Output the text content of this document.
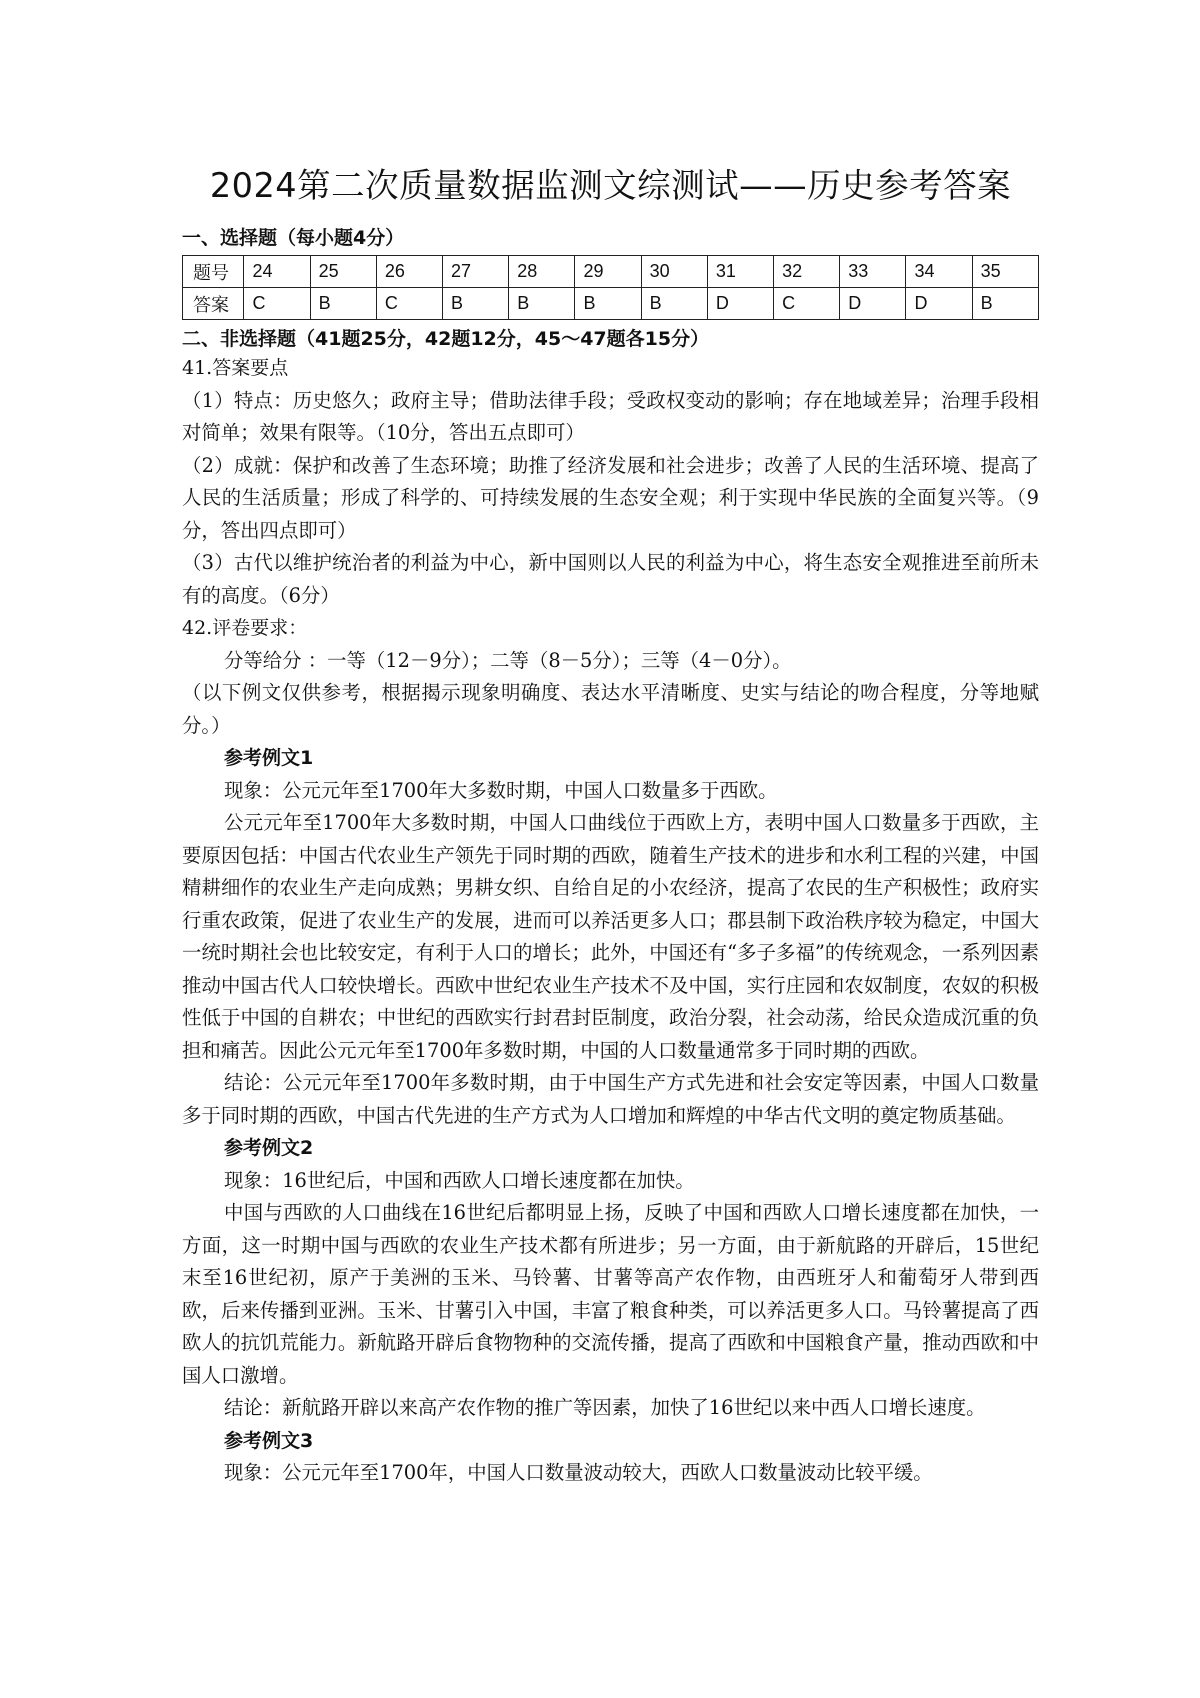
2024第二次质量数据监测文综测试——历史参考答案
一、选择题（每小题4分）
题号	24	25	26	27	28	29	30	31	32	33	34	35
答案	C	B	C	B	B	B	B	D	C	D	D	B
二、非选择题（41题25分，42题12分，45～47题各15分）
41.答案要点

（1）特点：历史悠久；政府主导；借助法律手段；受政权变动的影响；存在地域差异；治理手段相对简单；效果有限等。（10分，答出五点即可）

（2）成就：保护和改善了生态环境；助推了经济发展和社会进步；改善了人民的生活环境、提高了人民的生活质量；形成了科学的、可持续发展的生态安全观；利于实现中华民族的全面复兴等。（9分，答出四点即可）

（3）古代以维护统治者的利益为中心，新中国则以人民的利益为中心，将生态安全观推进至前所未有的高度。（6分）

42.评卷要求：

分等给分 ：一等（12－9分）；二等（8－5分）；三等（4－0分）。

（以下例文仅供参考，根据揭示现象明确度、表达水平清晰度、史实与结论的吻合程度，分等地赋分。）

参考例文1

现象：公元元年至1700年大多数时期，中国人口数量多于西欧。

公元元年至1700年大多数时期，中国人口曲线位于西欧上方，表明中国人口数量多于西欧，主要原因包括：中国古代农业生产领先于同时期的西欧，随着生产技术的进步和水利工程的兴建，中国精耕细作的农业生产走向成熟；男耕女织、自给自足的小农经济，提高了农民的生产积极性；政府实行重农政策，促进了农业生产的发展，进而可以养活更多人口；郡县制下政治秩序较为稳定，中国大一统时期社会也比较安定，有利于人口的增长；此外，中国还有“多子多福”的传统观念，一系列因素推动中国古代人口较快增长。西欧中世纪农业生产技术不及中国，实行庄园和农奴制度，农奴的积极性低于中国的自耕农；中世纪的西欧实行封君封臣制度，政治分裂，社会动荡，给民众造成沉重的负担和痛苦。因此公元元年至1700年多数时期，中国的人口数量通常多于同时期的西欧。

结论：公元元年至1700年多数时期，由于中国生产方式先进和社会安定等因素，中国人口数量多于同时期的西欧，中国古代先进的生产方式为人口增加和辉煌的中华古代文明的奠定物质基础。

参考例文2

现象：16世纪后，中国和西欧人口增长速度都在加快。

中国与西欧的人口曲线在16世纪后都明显上扬，反映了中国和西欧人口增长速度都在加快，一方面，这一时期中国与西欧的农业生产技术都有所进步；另一方面，由于新航路的开辟后，15世纪末至16世纪初，原产于美洲的玉米、马铃薯、甘薯等高产农作物，由西班牙人和葡萄牙人带到西欧，后来传播到亚洲。玉米、甘薯引入中国，丰富了粮食种类，可以养活更多人口。马铃薯提高了西欧人的抗饥荒能力。新航路开辟后食物物种的交流传播，提高了西欧和中国粮食产量，推动西欧和中国人口激增。

结论：新航路开辟以来高产农作物的推广等因素，加快了16世纪以来中西人口增长速度。

参考例文3

现象：公元元年至1700年，中国人口数量波动较大，西欧人口数量波动比较平缓。
